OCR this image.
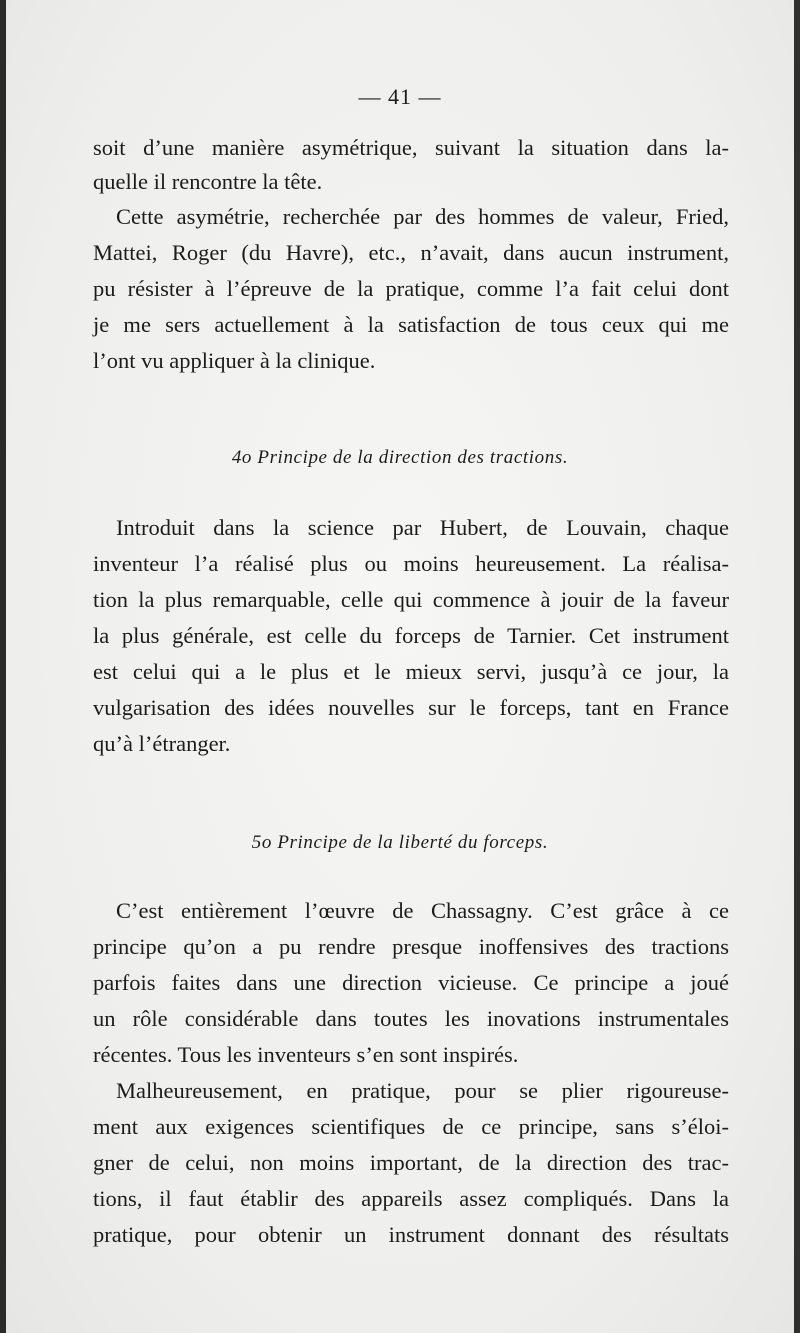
— 41 —
soit d’une manière asymétrique, suivant la situation dans la-
quelle il rencontre la tête.
Cette asymétrie, recherchée par des hommes de valeur, Fried,
Mattei, Roger (du Havre), etc., n’avait, dans aucun instrument,
pu résister à l’épreuve de la pratique, comme l’a fait celui dont
je me sers actuellement à la satisfaction de tous ceux qui me
l’ont vu appliquer à la clinique.
4o Principe de la direction des tractions.
Introduit dans la science par Hubert, de Louvain, chaque
inventeur l’a réalisé plus ou moins heureusement. La réalisa-
tion la plus remarquable, celle qui commence à jouir de la faveur
la plus générale, est celle du forceps de Tarnier. Cet instrument
est celui qui a le plus et le mieux servi, jusqu’à ce jour, la
vulgarisation des idées nouvelles sur le forceps, tant en France
qu’à l’étranger.
5o Principe de la liberté du forceps.
C’est entièrement l’œuvre de Chassagny. C’est grâce à ce
principe qu’on a pu rendre presque inoffensives des tractions
parfois faites dans une direction vicieuse. Ce principe a joué
un rôle considérable dans toutes les inovations instrumentales
récentes. Tous les inventeurs s’en sont inspirés.
Malheureusement, en pratique, pour se plier rigoureuse-
ment aux exigences scientifiques de ce principe, sans s’éloi-
gner de celui, non moins important, de la direction des trac-
tions, il faut établir des appareils assez compliqués. Dans la
pratique, pour obtenir un instrument donnant des résultats
